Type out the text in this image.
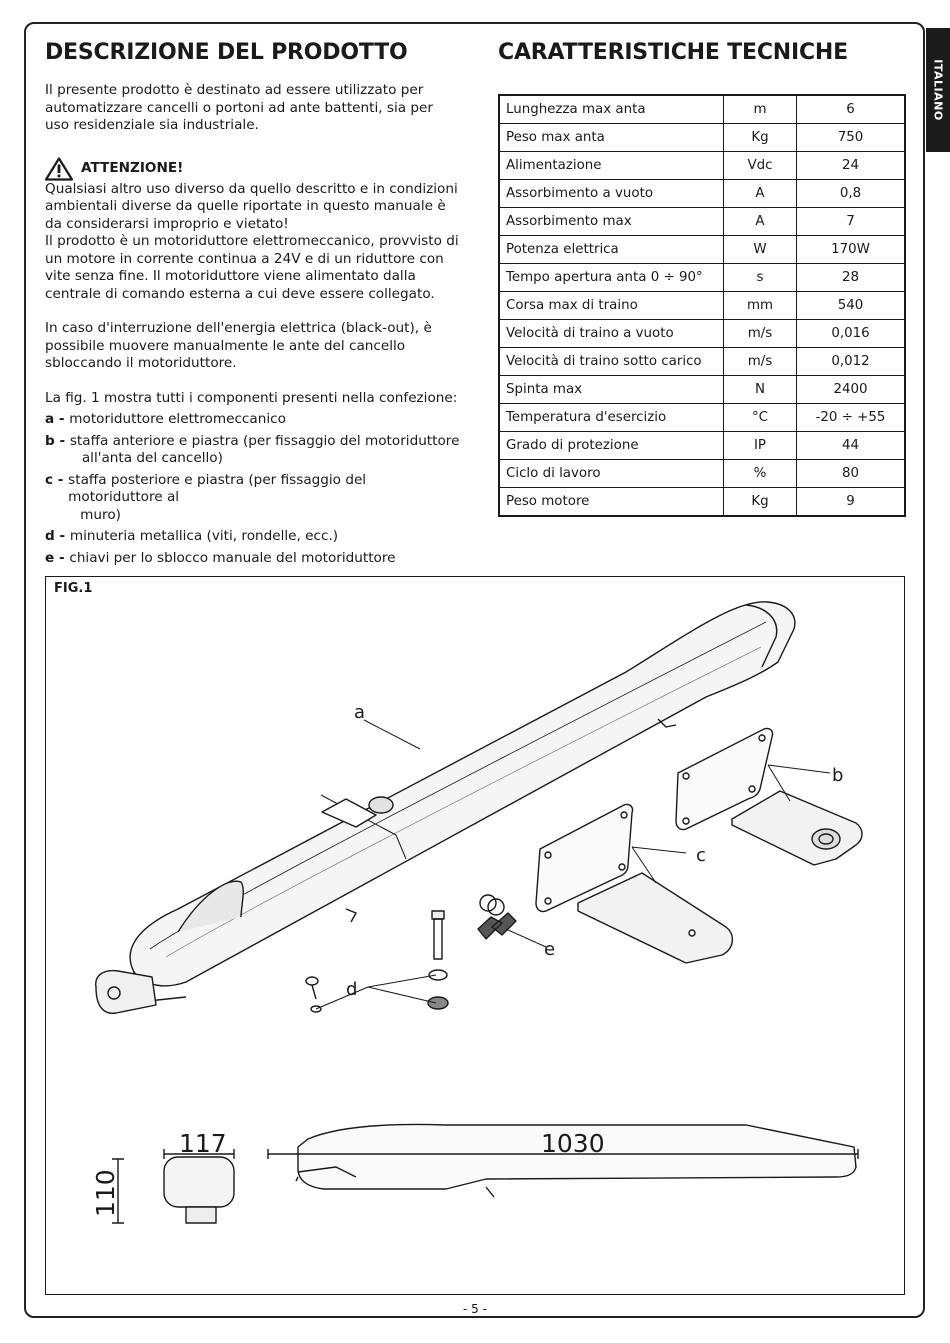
ITALIANO
DESCRIZIONE DEL PRODOTTO	CARATTERISTICHE TECNICHE

Il presente prodotto è destinato ad essere utilizzato per automatizzare cancelli o portoni ad ante battenti, sia per uso residenziale sia industriale.

ATTENZIONE!

Qualsiasi altro uso diverso da quello descritto e in condizioni ambientali diverse da quelle riportate in questo manuale è da considerarsi improprio e vietato!

Il prodotto è un motoriduttore elettromeccanico, provvisto di un motore in corrente continua a 24V e di un riduttore con vite senza fine. Il motoriduttore viene alimentato dalla centrale di comando esterna a cui deve essere collegato.

In caso d'interruzione dell'energia elettrica (black-out), è possibile muovere manualmente le ante del cancello sbloccando il motoriduttore.

La fig. 1 mostra tutti i componenti presenti nella confezione:

a - motoriduttore elettromeccanico
b - staffa anteriore e piastra (per fissaggio del motoriduttore
all'anta del cancello)
c - staffa posteriore e piastra (per fissaggio del motoriduttore al
muro)
d - minuteria metallica (viti, rondelle, ecc.)
e - chiavi per lo sblocco manuale del motoriduttore
Lunghezza max anta	m	6
Peso max anta	Kg	750
Alimentazione	Vdc	24
Assorbimento a vuoto	A	0,8
Assorbimento max	A	7
Potenza elettrica	W	170W
Tempo apertura anta 0 ÷ 90°	s	28
Corsa max di traino	mm	540
Velocità di traino a vuoto	m/s	0,016
Velocità di traino sotto carico	m/s	0,012
Spinta max	N	2400
Temperatura d'esercizio	°C	-20 ÷ +55
Grado di protezione	IP	44
Ciclo di lavoro	%	80
Peso motore	Kg	9
FIG.1
a
b
c
d
e
117
110
1030
- 5 -
